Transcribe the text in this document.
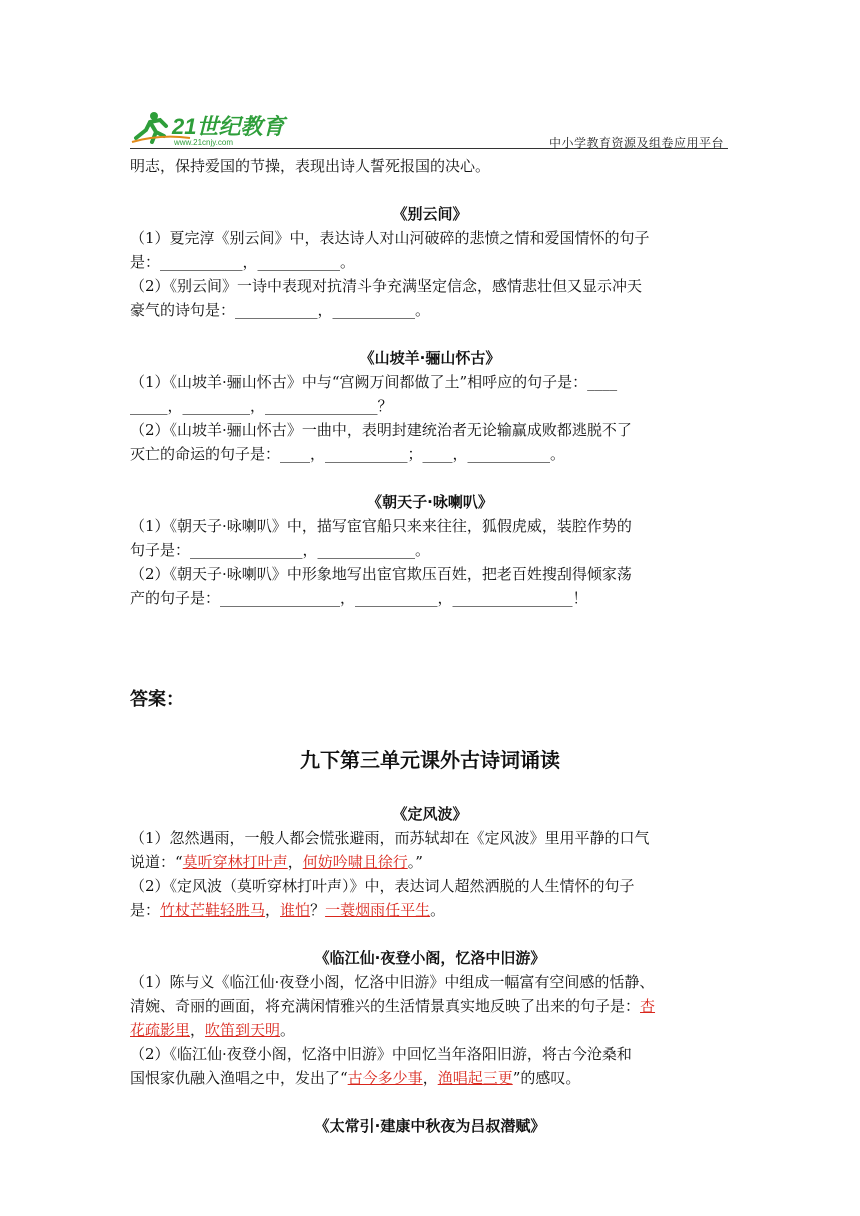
21世纪教育
www.21cnjy.com	中小学教育资源及组卷应用平台

明志，保持爱国的节操，表现出诗人誓死报国的决心。

《别云间》

（1）夏完淳《别云间》中，表达诗人对山河破碎的悲愤之情和爱国情怀的句子

是：___________，___________。

（2）《别云间》一诗中表现对抗清斗争充满坚定信念，感情悲壮但又显示冲天

豪气的诗句是：___________，___________。

《山坡羊·骊山怀古》

（1）《山坡羊·骊山怀古》中与“宫阙万间都做了土”相呼应的句子是：____

_____，_________，_______________？

（2）《山坡羊·骊山怀古》一曲中，表明封建统治者无论输赢成败都逃脱不了

灭亡的命运的句子是：____，___________；____，___________。

《朝天子·咏喇叭》

（1）《朝天子·咏喇叭》中，描写宦官船只来来往往，狐假虎威，装腔作势的

句子是：_______________，_____________。

（2）《朝天子·咏喇叭》中形象地写出宦官欺压百姓，把老百姓搜刮得倾家荡

产的句子是：________________，___________，________________！

答案：

九下第三单元课外古诗词诵读

《定风波》

（1）忽然遇雨，一般人都会慌张避雨，而苏轼却在《定风波》里用平静的口气

说道：“莫听穿林打叶声，何妨吟啸且徐行。”

（2）《定风波（莫听穿林打叶声）》中，表达词人超然洒脱的人生情怀的句子

是：竹杖芒鞋轻胜马，谁怕？一蓑烟雨任平生。

《临江仙·夜登小阁，忆洛中旧游》

（1）陈与义《临江仙·夜登小阁，忆洛中旧游》中组成一幅富有空间感的恬静、

清婉、奇丽的画面，将充满闲情雅兴的生活情景真实地反映了出来的句子是：杏

花疏影里，吹笛到天明。

（2）《临江仙·夜登小阁，忆洛中旧游》中回忆当年洛阳旧游，将古今沧桑和

国恨家仇融入渔唱之中，发出了“古今多少事，渔唱起三更”的感叹。

《太常引·建康中秋夜为吕叔潜赋》
